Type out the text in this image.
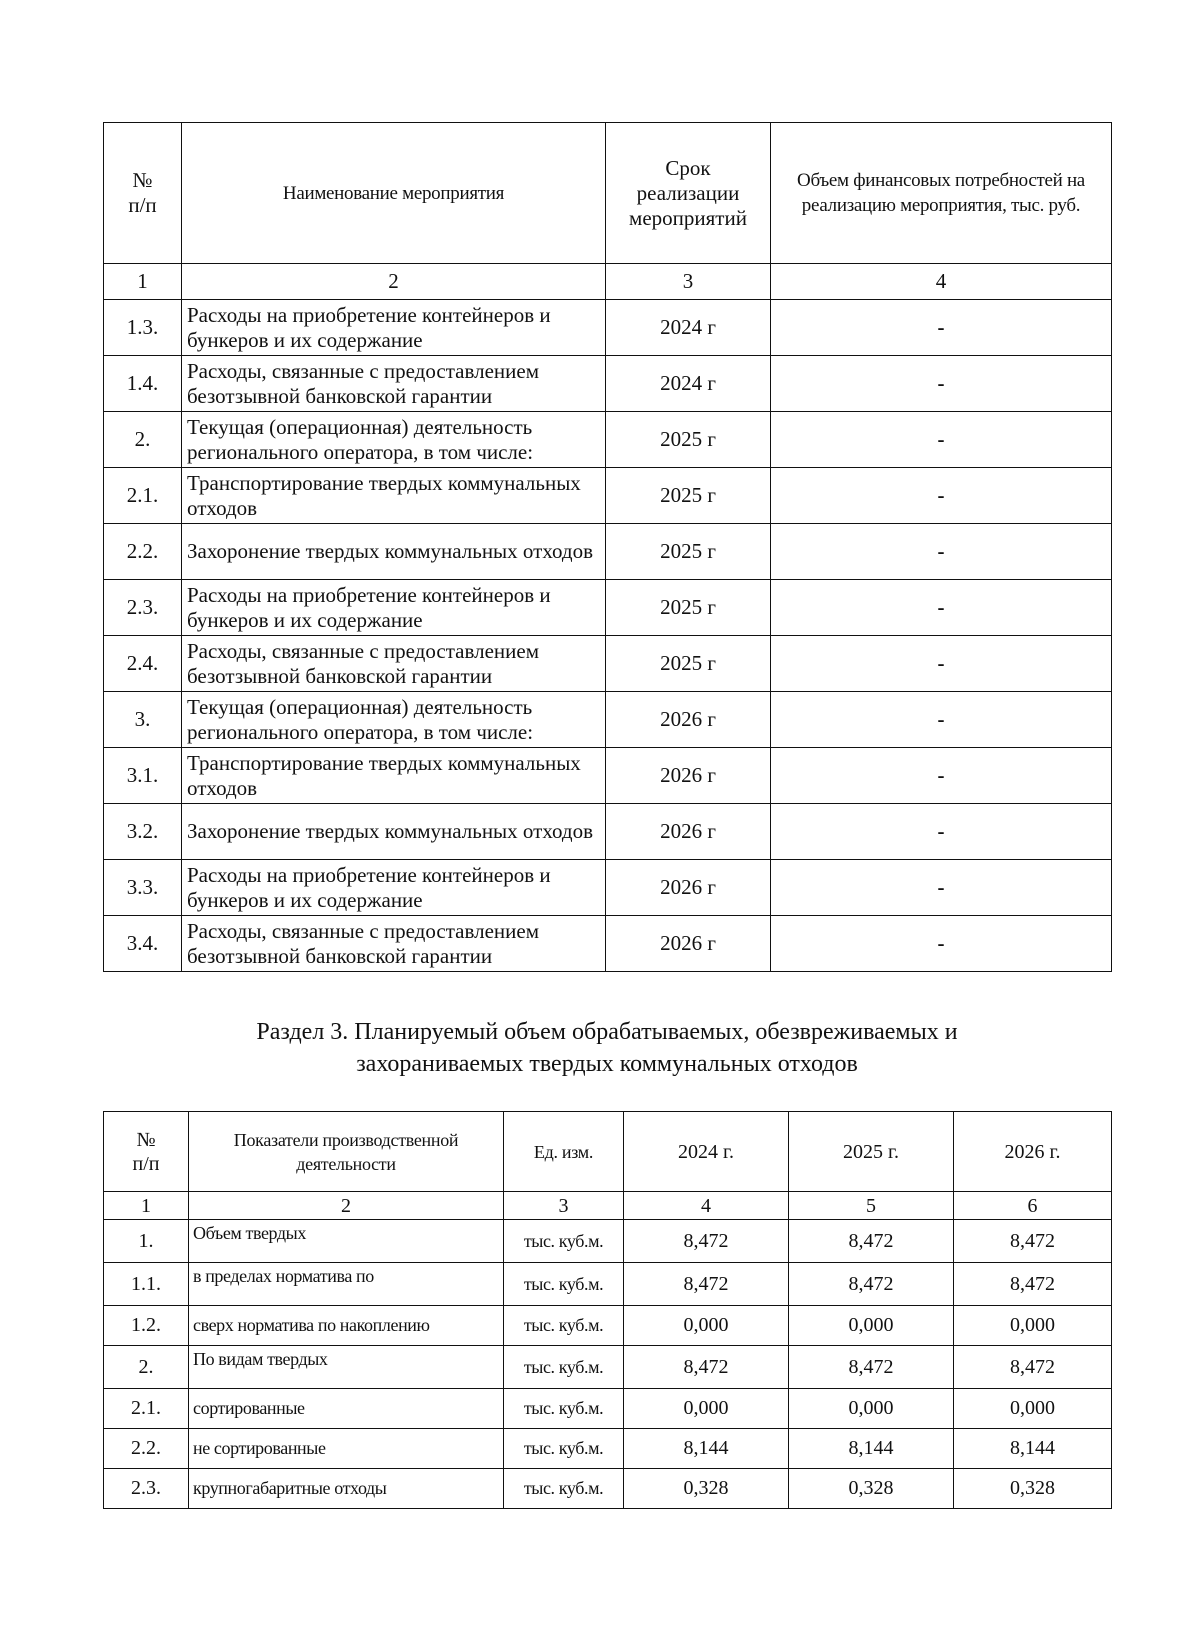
№ п/п	Наименование мероприятия	Срок реализации мероприятий	Объем финансовых потребностей на реализацию мероприятия, тыс. руб.
1	2	3	4
1.3.	Расходы на приобретение контейнеров и бункеров и их содержание	2024 г	-
1.4.	Расходы, связанные с предоставлением безотзывной банковской гарантии	2024 г	-
2.	Текущая (операционная) деятельность регионального оператора, в том числе:	2025 г	-
2.1.	Транспортирование твердых коммунальных отходов	2025 г	-
2.2.	Захоронение твердых коммунальных отходов	2025 г	-
2.3.	Расходы на приобретение контейнеров и бункеров и их содержание	2025 г	-
2.4.	Расходы, связанные с предоставлением безотзывной банковской гарантии	2025 г	-
3.	Текущая (операционная) деятельность регионального оператора, в том числе:	2026 г	-
3.1.	Транспортирование твердых коммунальных отходов	2026 г	-
3.2.	Захоронение твердых коммунальных отходов	2026 г	-
3.3.	Расходы на приобретение контейнеров и бункеров и их содержание	2026 г	-
3.4.	Расходы, связанные с предоставлением безотзывной банковской гарантии	2026 г	-
Раздел 3. Планируемый объем обрабатываемых, обезвреживаемых и
захораниваемых твердых коммунальных отходов
№ п/п	Показатели производственной деятельности	Ед. изм.	2024 г.	2025 г.	2026 г.
1	2	3	4	5	6
1.	Объем твердых	тыс. куб.м.	8,472	8,472	8,472
1.1.	в пределах норматива по	тыс. куб.м.	8,472	8,472	8,472
1.2.	сверх норматива по накоплению	тыс. куб.м.	0,000	0,000	0,000
2.	По видам твердых	тыс. куб.м.	8,472	8,472	8,472
2.1.	сортированные	тыс. куб.м.	0,000	0,000	0,000
2.2.	не сортированные	тыс. куб.м.	8,144	8,144	8,144
2.3.	крупногабаритные отходы	тыс. куб.м.	0,328	0,328	0,328
